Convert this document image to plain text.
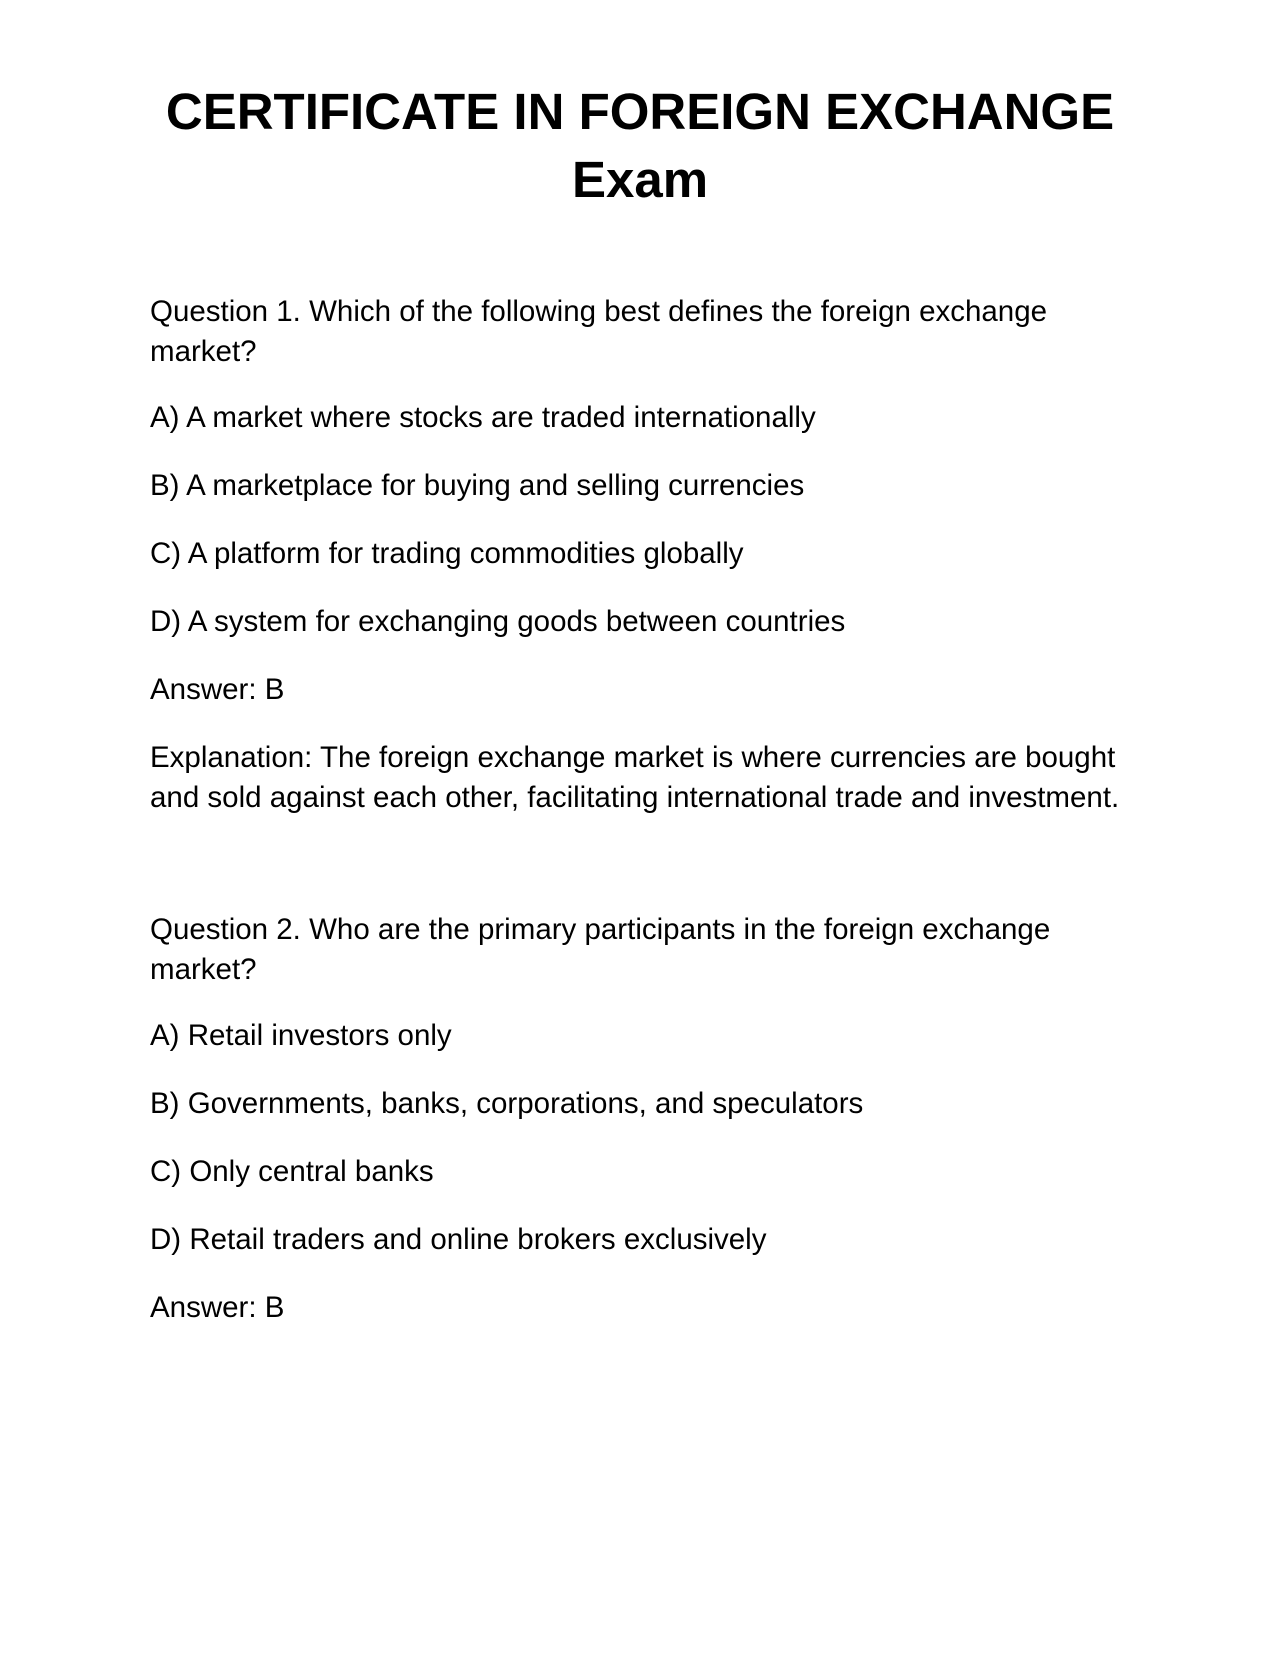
CERTIFICATE IN FOREIGN EXCHANGE
Exam

Question 1. Which of the following best defines the foreign exchange market?

A) A market where stocks are traded internationally

B) A marketplace for buying and selling currencies

C) A platform for trading commodities globally

D) A system for exchanging goods between countries

Answer: B

Explanation: The foreign exchange market is where currencies are bought and sold against each other, facilitating international trade and investment.

Question 2. Who are the primary participants in the foreign exchange market?

A) Retail investors only

B) Governments, banks, corporations, and speculators

C) Only central banks

D) Retail traders and online brokers exclusively

Answer: B
